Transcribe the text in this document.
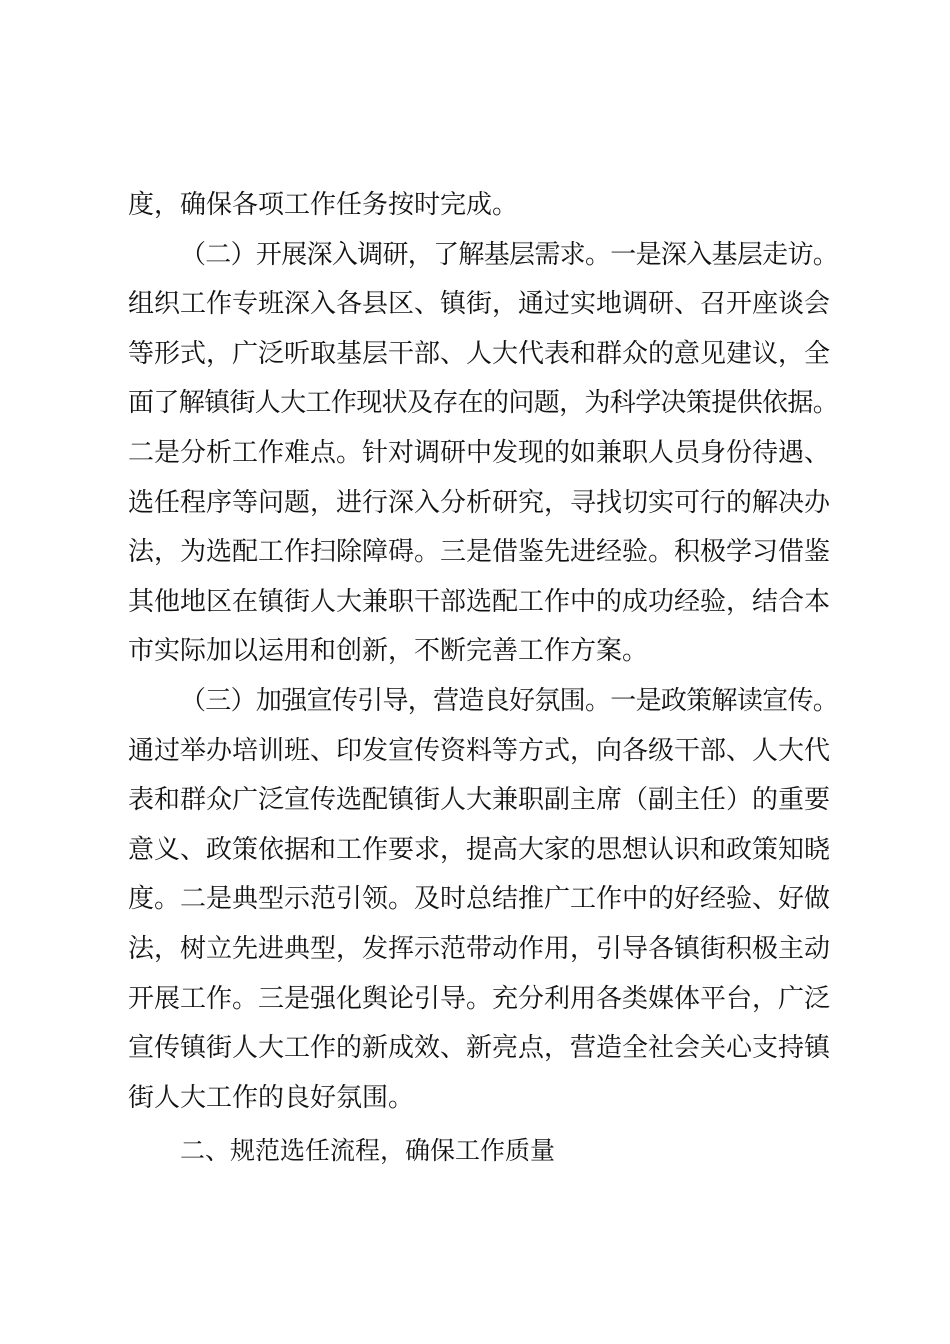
度，确保各项工作任务按时完成。
（二）开展深入调研，了解基层需求。一是深入基层走访。
组织工作专班深入各县区、镇街，通过实地调研、召开座谈会
等形式，广泛听取基层干部、人大代表和群众的意见建议，全
面了解镇街人大工作现状及存在的问题，为科学决策提供依据。
二是分析工作难点。针对调研中发现的如兼职人员身份待遇、
选任程序等问题，进行深入分析研究，寻找切实可行的解决办
法，为选配工作扫除障碍。三是借鉴先进经验。积极学习借鉴
其他地区在镇街人大兼职干部选配工作中的成功经验，结合本
市实际加以运用和创新，不断完善工作方案。
（三）加强宣传引导，营造良好氛围。一是政策解读宣传。
通过举办培训班、印发宣传资料等方式，向各级干部、人大代
表和群众广泛宣传选配镇街人大兼职副主席（副主任）的重要
意义、政策依据和工作要求，提高大家的思想认识和政策知晓
度。二是典型示范引领。及时总结推广工作中的好经验、好做
法，树立先进典型，发挥示范带动作用，引导各镇街积极主动
开展工作。三是强化舆论引导。充分利用各类媒体平台，广泛
宣传镇街人大工作的新成效、新亮点，营造全社会关心支持镇
街人大工作的良好氛围。
二、规范选任流程，确保工作质量
